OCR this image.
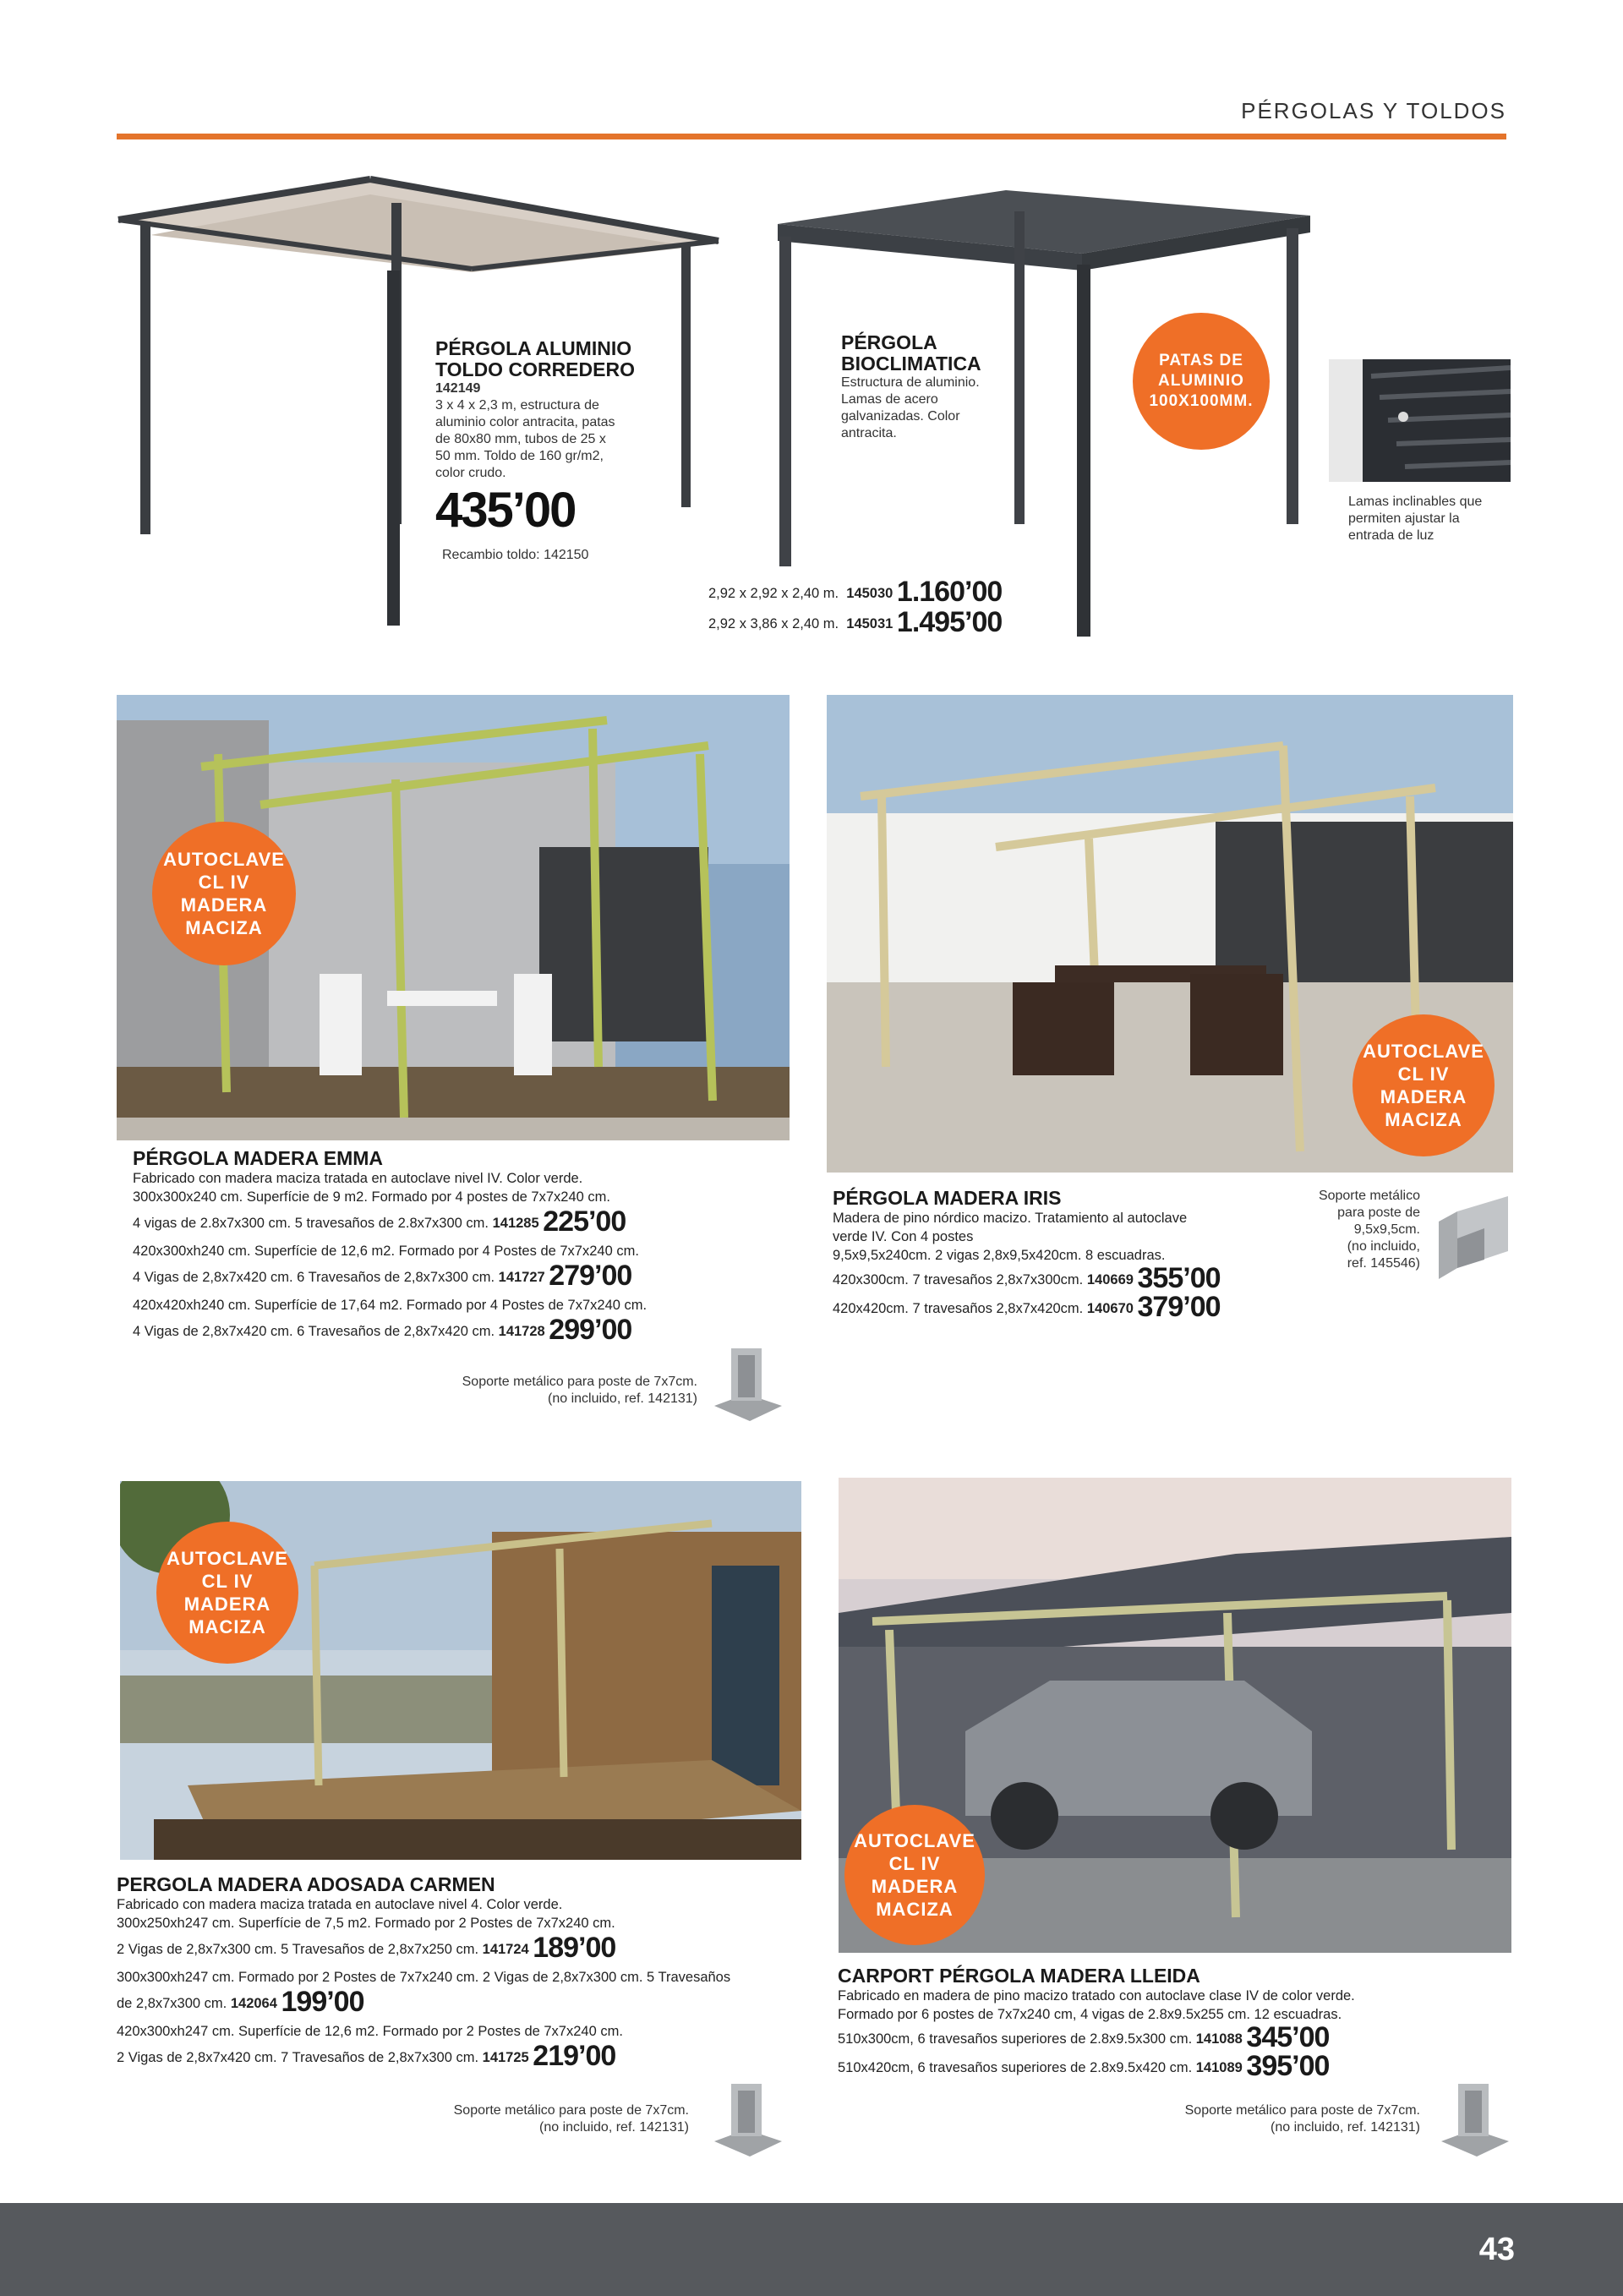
PÉRGOLAS Y TOLDOS
PÉRGOLA ALUMINIO
TOLDO CORREDERO
142149
3 x 4 x 2,3 m, estructura de
aluminio color antracita, patas
de 80x80 mm, tubos de 25 x
50 mm. Toldo de 160 gr/m2,
color crudo.
435’00
Recambio toldo: 142150
PÉRGOLA
BIOCLIMATICA
Estructura de aluminio.
Lamas de acero
galvanizadas. Color
antracita.
PATAS DE
ALUMINIO
100X100MM.
Lamas inclinables que
permiten ajustar la
entrada de luz
2,92 x 2,92 x 2,40 m. 145030 1.160’00
2,92 x 3,86 x 2,40 m. 145031 1.495’00
AUTOCLAVE
CL IV
MADERA
MACIZA
PÉRGOLA MADERA EMMA
Fabricado con madera maciza tratada en autoclave nivel IV. Color verde.
300x300x240 cm. Superfície de 9 m2. Formado por 4 postes de 7x7x240 cm.
4 vigas de 2.8x7x300 cm. 5 travesaños de 2.8x7x300 cm. 141285 225’00
420x300xh240 cm. Superfície de 12,6 m2. Formado por 4 Postes de 7x7x240 cm.
4 Vigas de 2,8x7x420 cm. 6 Travesaños de 2,8x7x300 cm. 141727 279’00
420x420xh240 cm. Superfície de 17,64 m2. Formado por 4 Postes de 7x7x240 cm.
4 Vigas de 2,8x7x420 cm. 6 Travesaños de 2,8x7x420 cm. 141728 299’00
Soporte metálico para poste de 7x7cm.
(no incluido, ref. 142131)
AUTOCLAVE
CL IV
MADERA
MACIZA
PÉRGOLA MADERA IRIS
Madera de pino nórdico macizo. Tratamiento al autoclave
verde IV. Con 4 postes
9,5x9,5x240cm. 2 vigas 2,8x9,5x420cm. 8 escuadras.
420x300cm. 7 travesaños 2,8x7x300cm. 140669 355’00
420x420cm. 7 travesaños 2,8x7x420cm. 140670 379’00
Soporte metálico
para poste de
9,5x9,5cm.
(no incluido,
ref. 145546)
AUTOCLAVE
CL IV
MADERA
MACIZA
PERGOLA MADERA ADOSADA CARMEN
Fabricado con madera maciza tratada en autoclave nivel 4. Color verde.
300x250xh247 cm. Superfície de 7,5 m2. Formado por 2 Postes de 7x7x240 cm.
2 Vigas de 2,8x7x300 cm. 5 Travesaños de 2,8x7x250 cm. 141724 189’00
300x300xh247 cm. Formado por 2 Postes de 7x7x240 cm. 2 Vigas de 2,8x7x300 cm. 5 Travesaños
de 2,8x7x300 cm. 142064 199’00
420x300xh247 cm. Superfície de 12,6 m2. Formado por 2 Postes de 7x7x240 cm.
2 Vigas de 2,8x7x420 cm. 7 Travesaños de 2,8x7x300 cm. 141725 219’00
Soporte metálico para poste de 7x7cm.
(no incluido, ref. 142131)
AUTOCLAVE
CL IV
MADERA
MACIZA
CARPORT PÉRGOLA MADERA LLEIDA
Fabricado en madera de pino macizo tratado con autoclave clase IV de color verde.
Formado por 6 postes de 7x7x240 cm, 4 vigas de 2.8x9.5x255 cm. 12 escuadras.
510x300cm, 6 travesaños superiores de 2.8x9.5x300 cm. 141088 345’00
510x420cm, 6 travesaños superiores de 2.8x9.5x420 cm. 141089 395’00
Soporte metálico para poste de 7x7cm.
(no incluido, ref. 142131)
43
